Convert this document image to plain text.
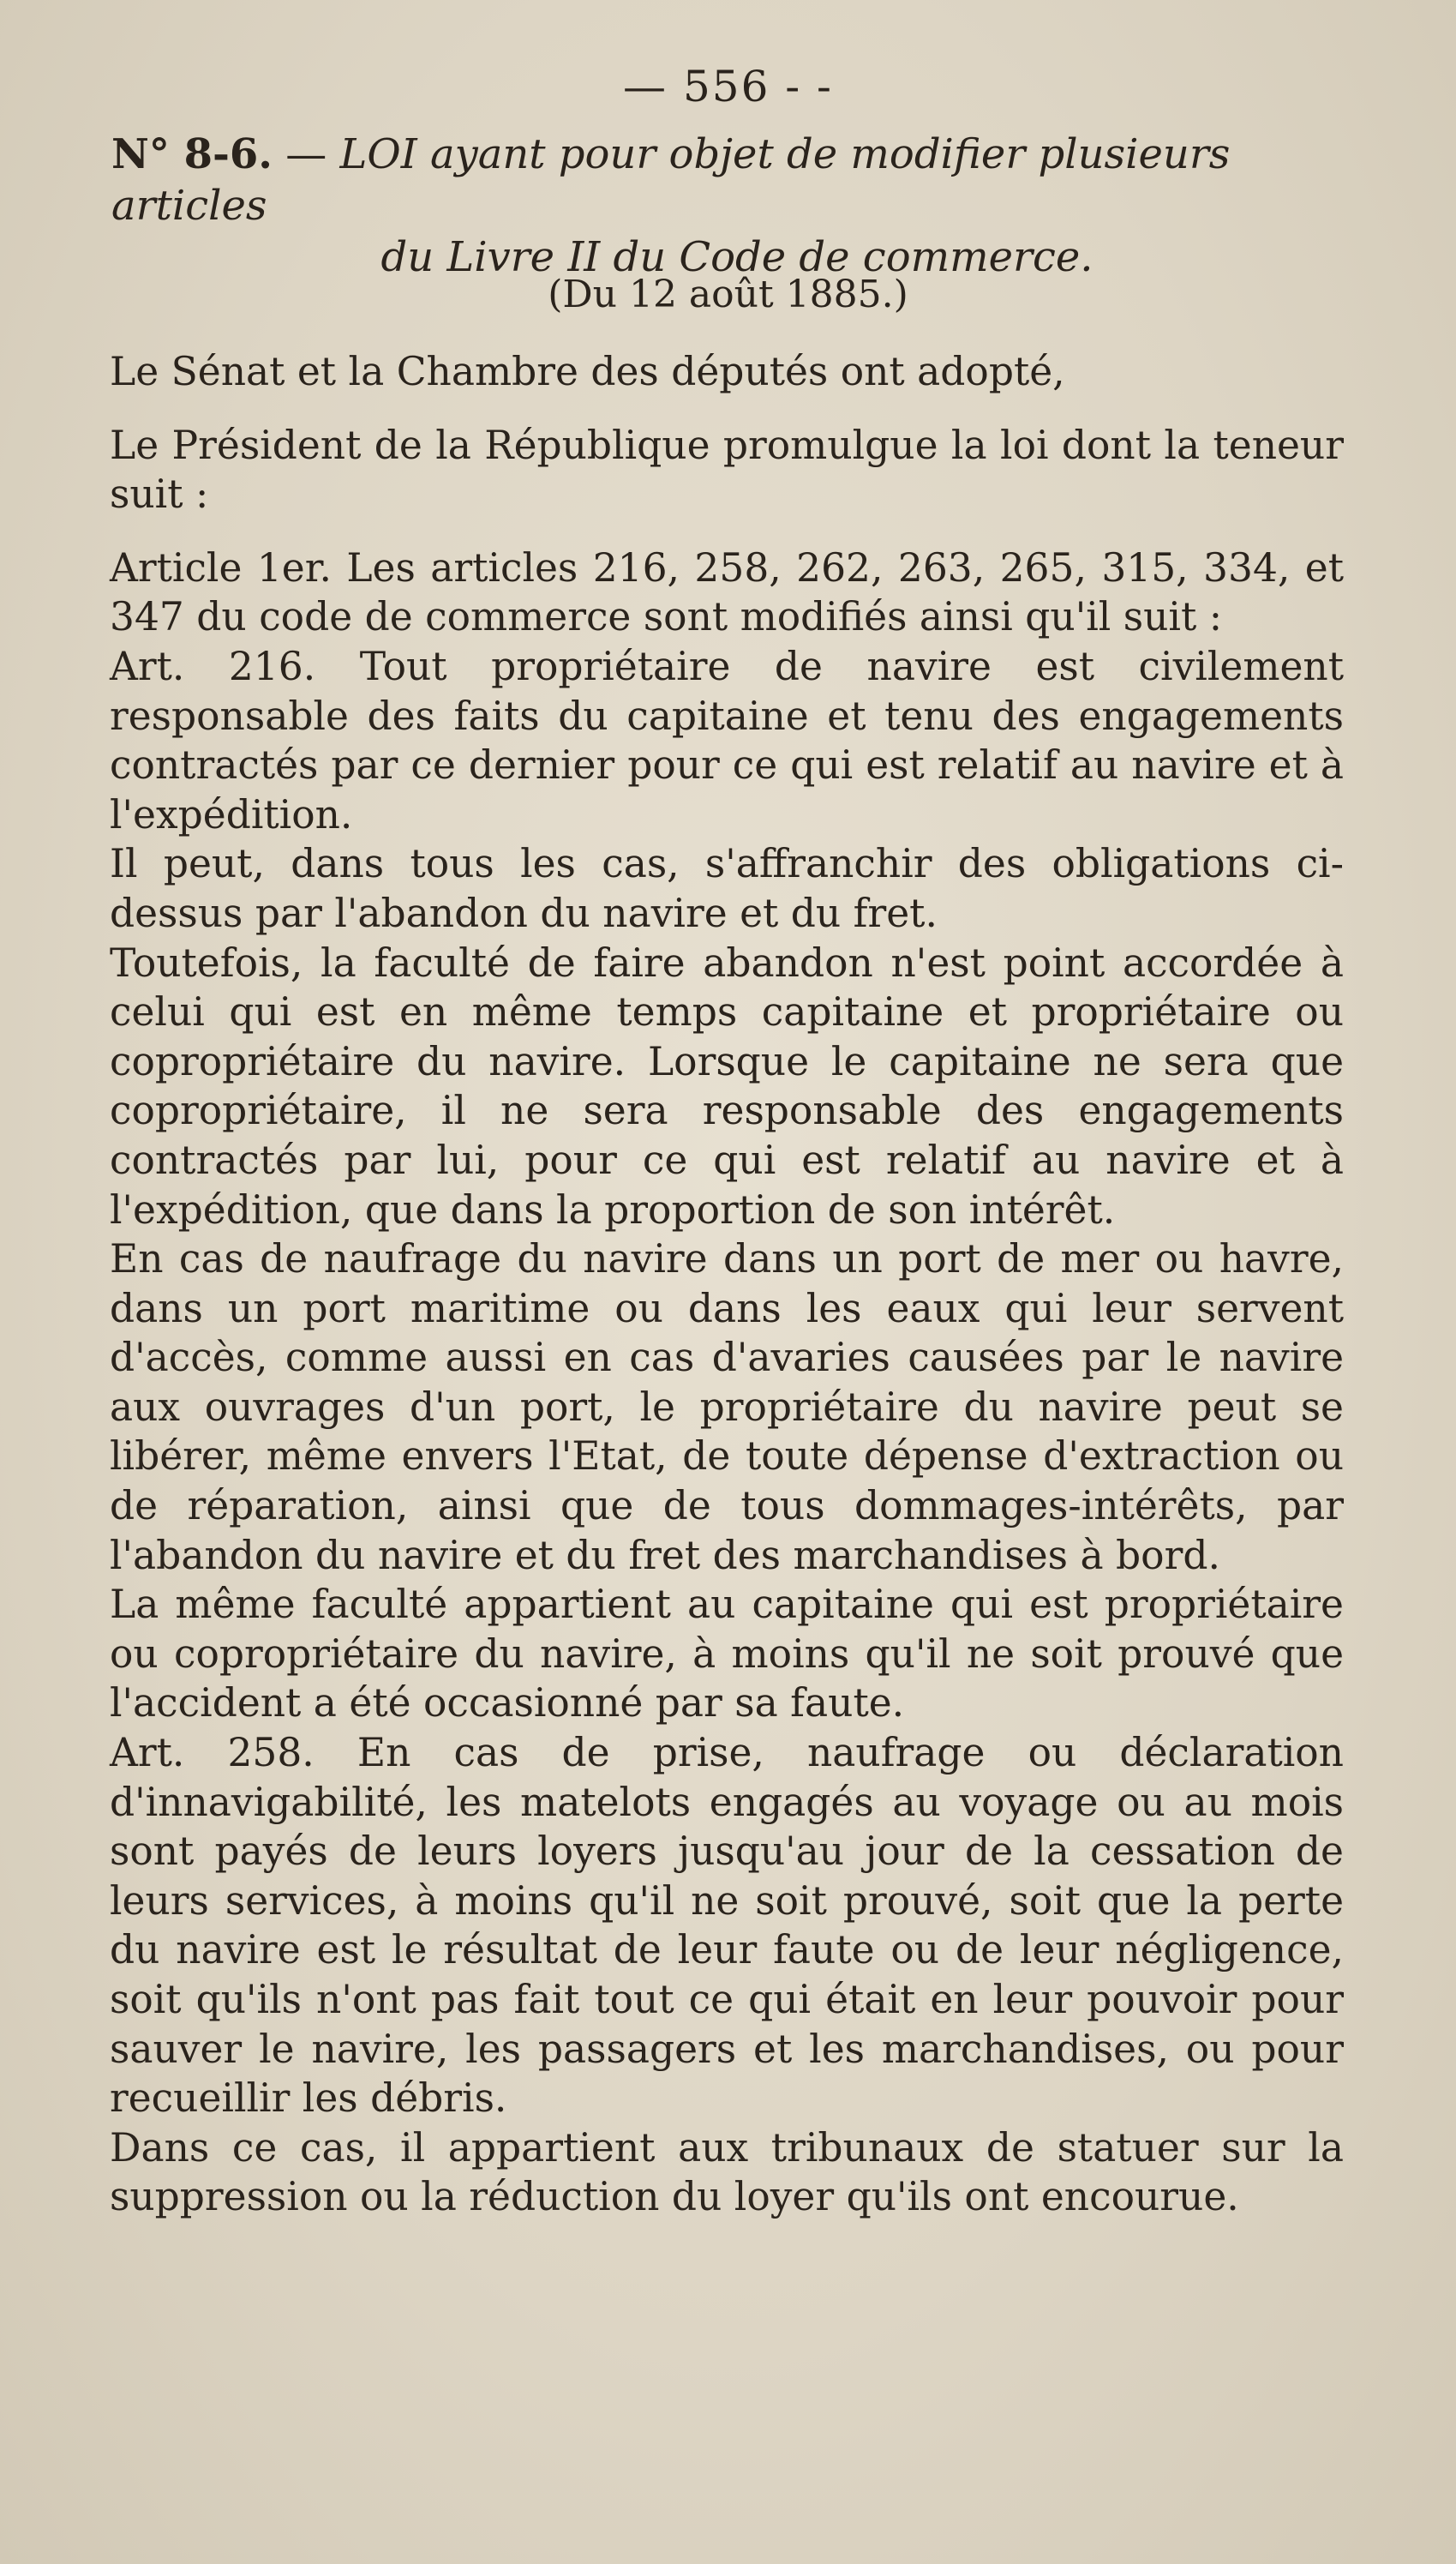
— 556 - -
N° 8-6. — LOI ayant pour objet de modifier plusieurs articles
du Livre II du Code de commerce.
(Du 12 août 1885.)

Le Sénat et la Chambre des députés ont adopté,

Le Président de la République promulgue la loi dont la teneur suit :

Article 1er. Les articles 216, 258, 262, 263, 265, 315, 334, et 347 du code de commerce sont modifiés ainsi qu'il suit :

Art. 216. Tout propriétaire de navire est civilement responsable des faits du capitaine et tenu des engagements contractés par ce dernier pour ce qui est relatif au navire et à l'expédition.

Il peut, dans tous les cas, s'affranchir des obligations ci-dessus par l'abandon du navire et du fret.

Toutefois, la faculté de faire abandon n'est point accordée à celui qui est en même temps capitaine et propriétaire ou copropriétaire du navire. Lorsque le capitaine ne sera que copropriétaire, il ne sera responsable des engagements contractés par lui, pour ce qui est relatif au navire et à l'expédition, que dans la proportion de son intérêt.

En cas de naufrage du navire dans un port de mer ou havre, dans un port maritime ou dans les eaux qui leur servent d'accès, comme aussi en cas d'avaries causées par le navire aux ouvrages d'un port, le propriétaire du navire peut se libérer, même envers l'Etat, de toute dépense d'extraction ou de réparation, ainsi que de tous dommages-intérêts, par l'abandon du navire et du fret des marchandises à bord.

La même faculté appartient au capitaine qui est propriétaire ou copropriétaire du navire, à moins qu'il ne soit prouvé que l'accident a été occasionné par sa faute.

Art. 258. En cas de prise, naufrage ou déclaration d'innavigabilité, les matelots engagés au voyage ou au mois sont payés de leurs loyers jusqu'au jour de la cessation de leurs services, à moins qu'il ne soit prouvé, soit que la perte du navire est le résultat de leur faute ou de leur négligence, soit qu'ils n'ont pas fait tout ce qui était en leur pouvoir pour sauver le navire, les passagers et les marchandises, ou pour recueillir les débris.

Dans ce cas, il appartient aux tribunaux de statuer sur la suppression ou la réduction du loyer qu'ils ont encourue.
